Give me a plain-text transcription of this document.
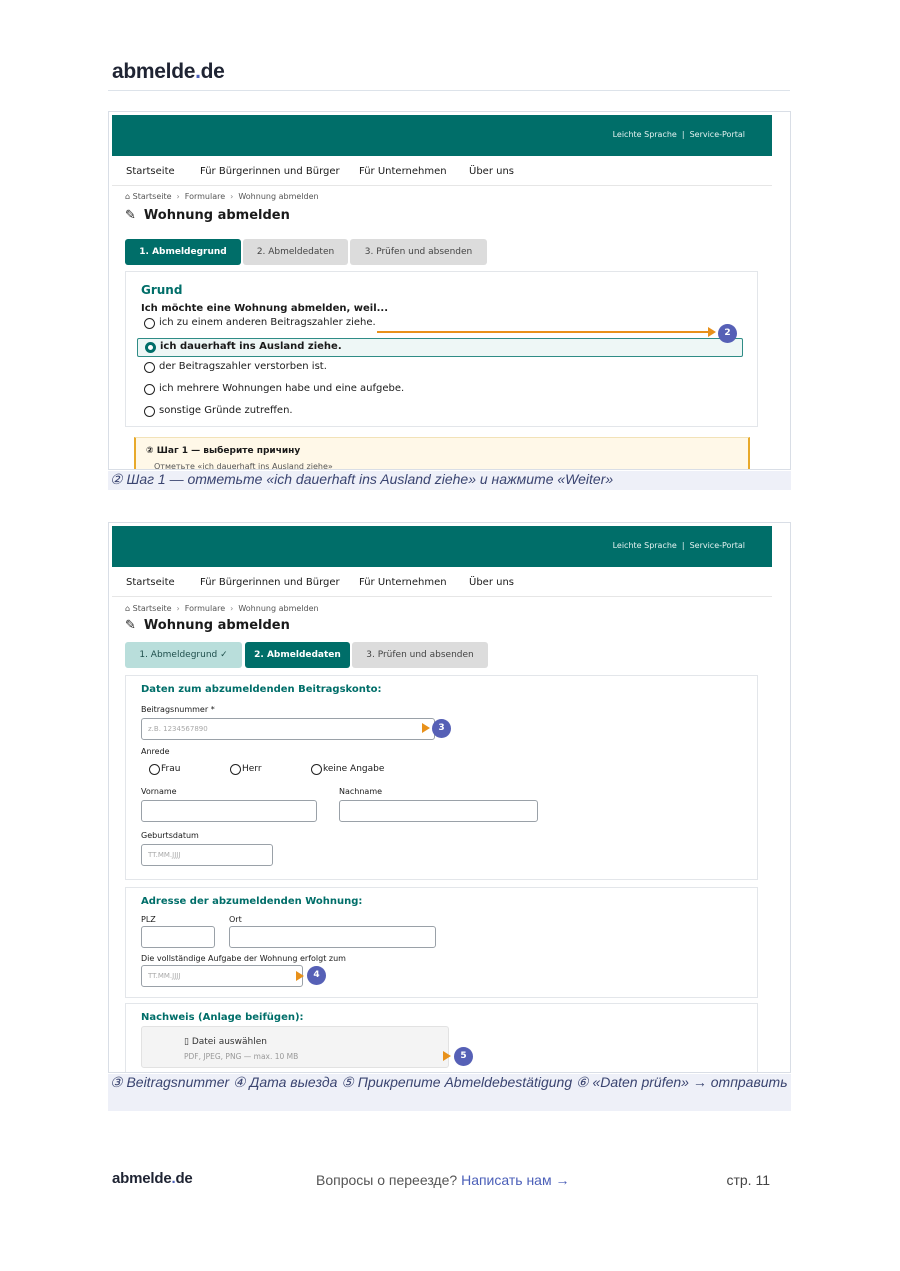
abmelde.de
Leichte Sprache | Service-Portal
Startseite	Für Bürgerinnen und Bürger Für Unternehmen Über uns
⌂ Startseite › Formulare › Wohnung abmelden
✎ Wohnung abmelden
1. Abmeldegrund	2. Abmeldedaten	3. Prüfen und absenden
Grund
Ich möchte eine Wohnung abmelden, weil...
ich zu einem anderen Beitragszahler ziehe.
ich dauerhaft ins Ausland ziehe.
der Beitragszahler verstorben ist.
ich mehrere Wohnungen habe und eine aufgebe.
sonstige Gründe zutreffen.
2
② Шаг 1 — выберите причину
Отметьте «ich dauerhaft ins Ausland ziehe»
② Шаг 1 — отметьте «ich dauerhaft ins Ausland ziehe» и нажмите «Weiter»
Leichte Sprache | Service-Portal
Startseite	Für Bürgerinnen und Bürger Für Unternehmen Über uns
⌂ Startseite › Formulare › Wohnung abmelden
✎ Wohnung abmelden
1. Abmeldegrund ✓	2. Abmeldedaten	3. Prüfen und absenden
Daten zum abzumeldenden Beitragskonto:
Beitragsnummer *
z.B. 1234567890
Anrede
Frau	Herr	keine Angabe
Vorname	Nachname
Geburtsdatum
TT.MM.JJJJ
3
Adresse der abzumeldenden Wohnung:
PLZ	Ort
Die vollständige Aufgabe der Wohnung erfolgt zum
TT.MM.JJJJ	4
Nachweis (Anlage beifügen):
▯ Datei auswählen
PDF, JPEG, PNG — max. 10 MB	5
③ Beitragsnummer ④ Дата выезда ⑤ Прикрепите Abmeldebestätigung ⑥ «Daten prüfen» → отправить
abmelde.de	Вопросы о переезде? Написать нам →	стр. 11
